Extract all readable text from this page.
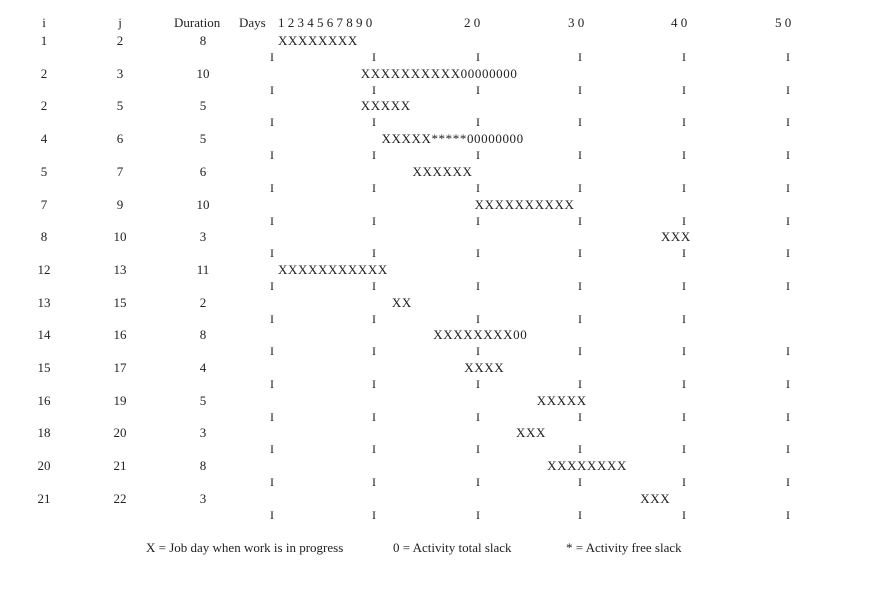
i	j	Duration Days 1 2 3 4 5 6 7 8 9 0	2 0	3 0	4 0	5 0
1	2	8	XXXXXXXX
I	I	I	I	I	I
2	3	10	XXXXXXXXXX00000000
I	I	I	I	I	I
2	5	5	XXXXX
I	I	I	I	I	I
4	6	5	XXXXX*****00000000
I	I	I	I	I	I
5	7	6	XXXXXX
I	I	I	I	I	I
7	9	10	XXXXXXXXXX
I	I	I	I	I	I
8	10	3	XXX
I	I	I	I	I	I
12	13	11	XXXXXXXXXXX
I	I	I	I	I	I
13	15	2	XX
I	I	I	I	I
14	16	8	XXXXXXXX00
I	I	I	I	I	I
15	17	4	XXXX
I	I	I	I	I	I
16	19	5	XXXXX
I	I	I	I	I	I
18	20	3	XXX
I	I	I	I	I	I
20	21	8	XXXXXXXX
I	I	I	I	I	I
21	22	3	XXX
I	I	I	I	I	I
X = Job day when work is in progress	0 = Activity total slack	* = Activity free slack
